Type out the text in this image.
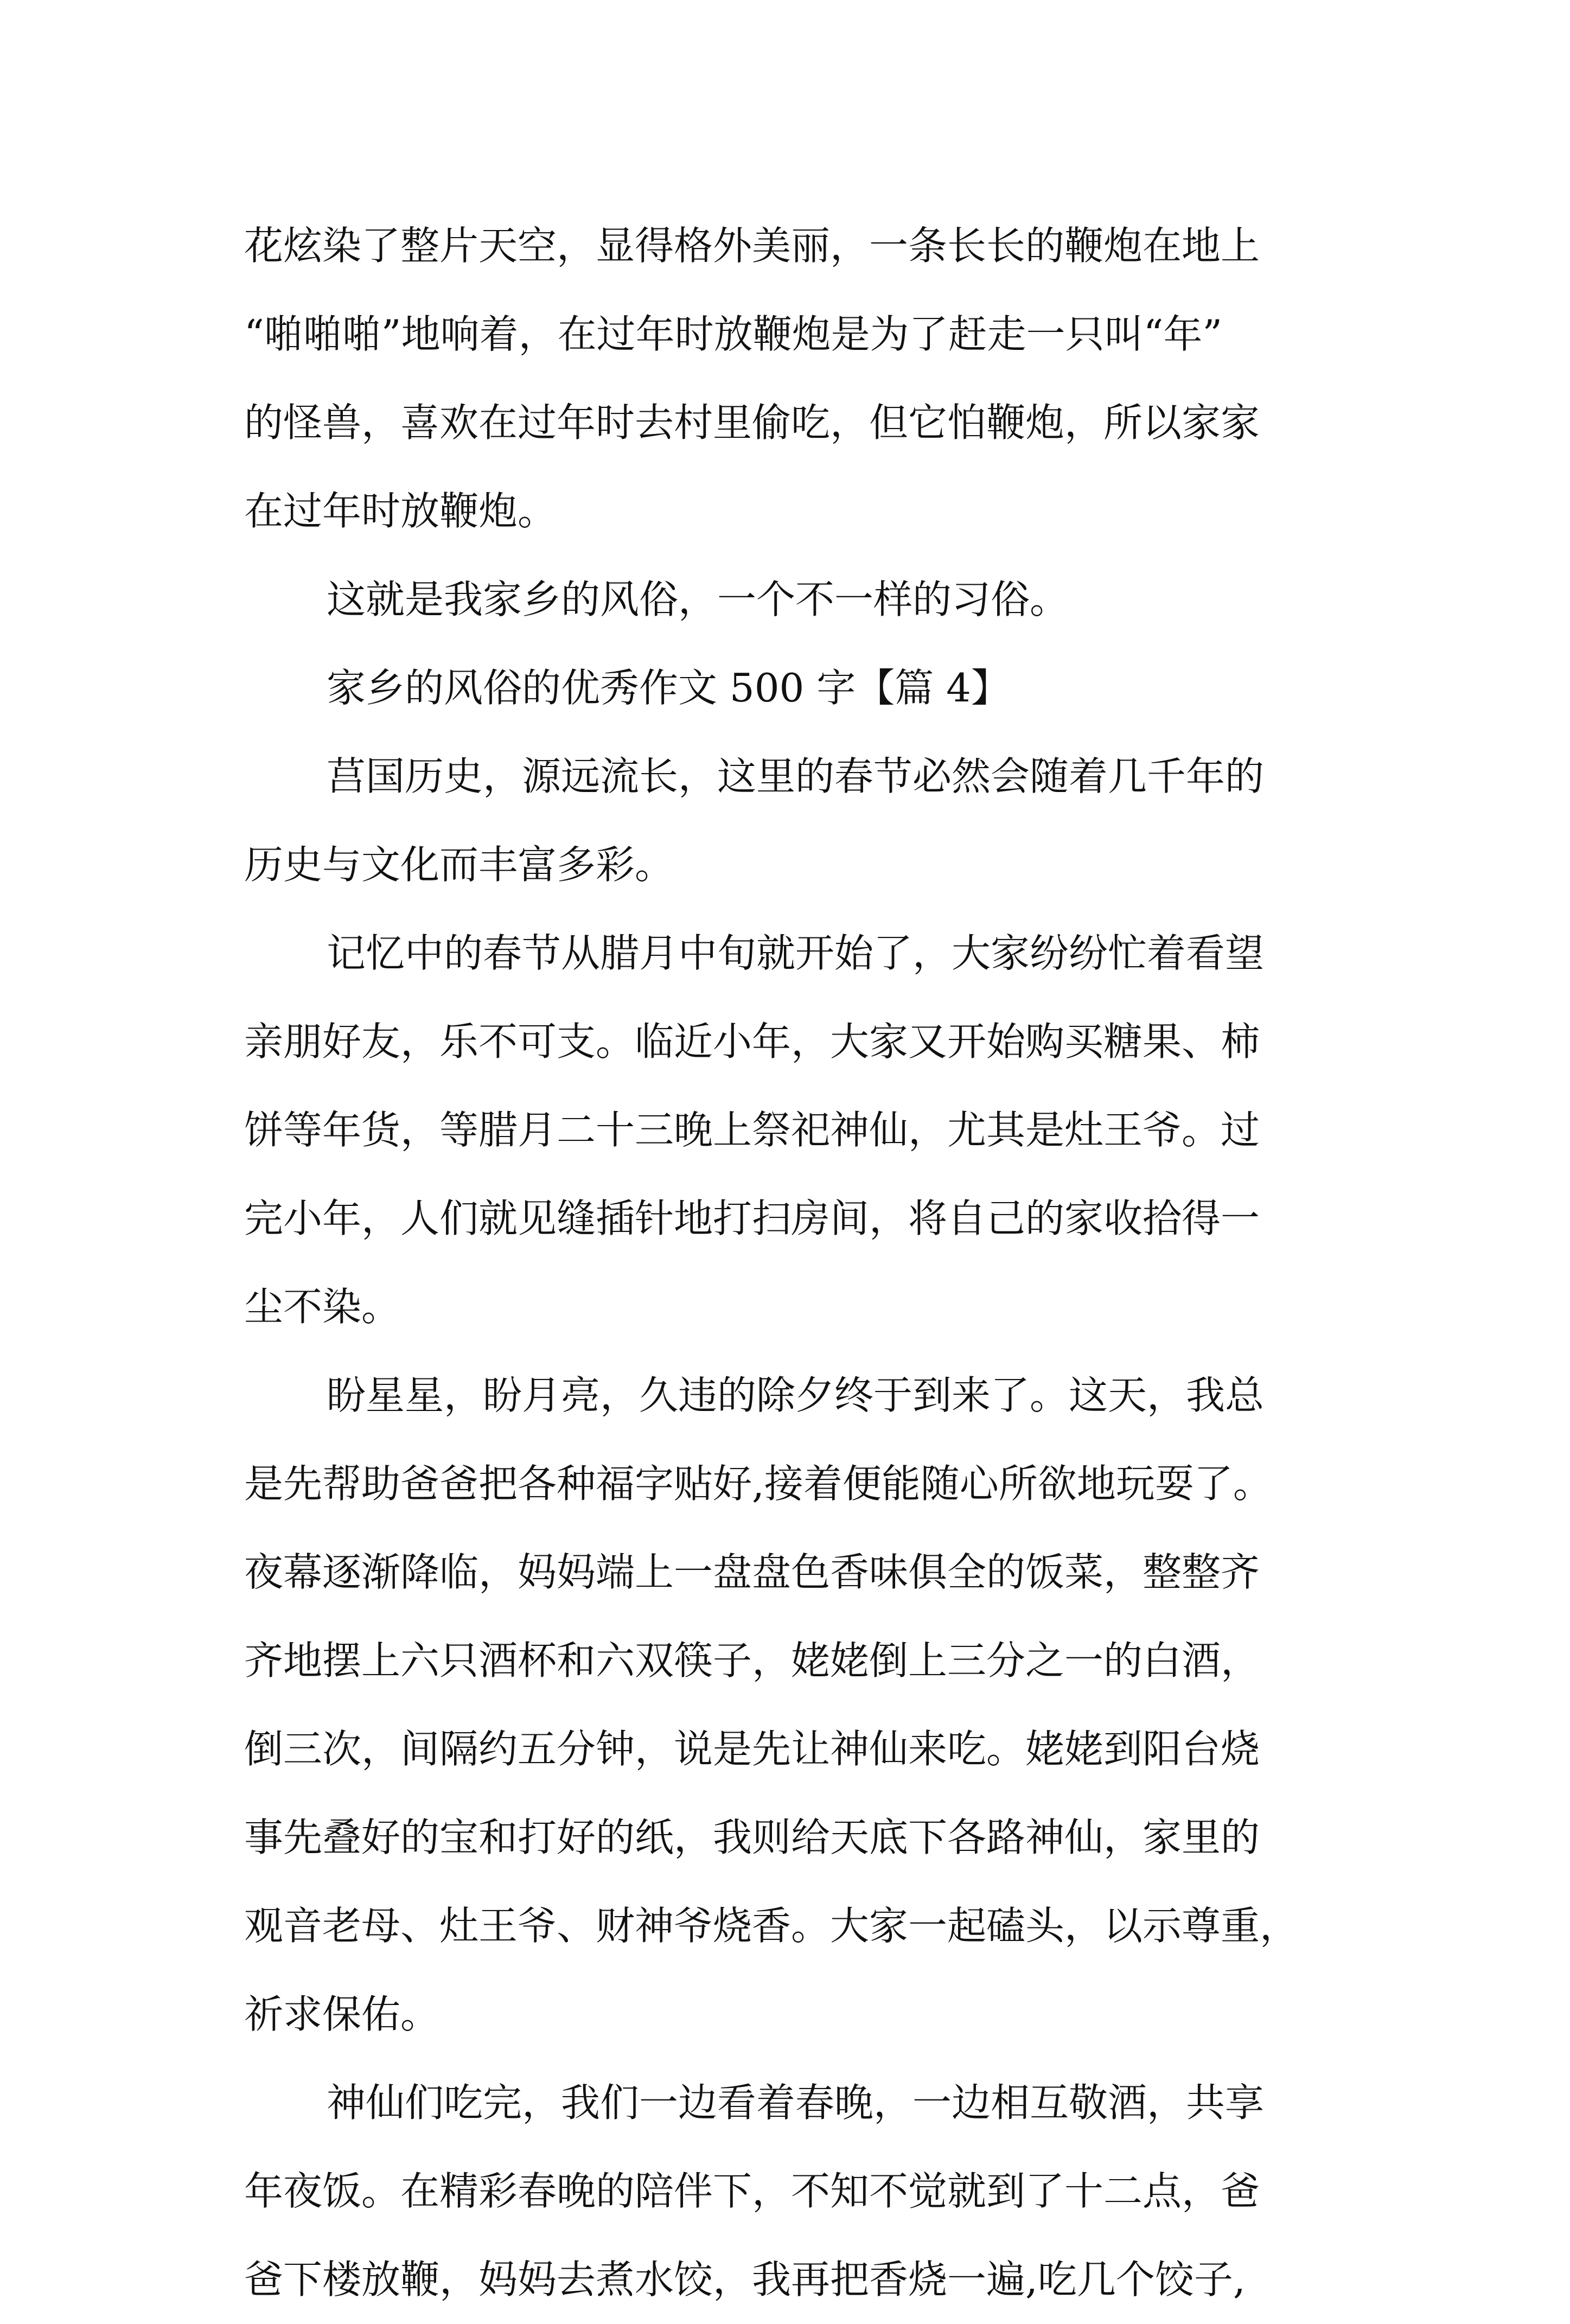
花炫染了整片天空，显得格外美丽，一条长长的鞭炮在地上
“啪啪啪”地响着，在过年时放鞭炮是为了赶走一只叫“年”
的怪兽，喜欢在过年时去村里偷吃，但它怕鞭炮，所以家家
在过年时放鞭炮。
这就是我家乡的风俗，一个不一样的习俗。
家乡的风俗的优秀作文 500 字【篇 4】
莒国历史，源远流长，这里的春节必然会随着几千年的
历史与文化而丰富多彩。
记忆中的春节从腊月中旬就开始了，大家纷纷忙着看望
亲朋好友，乐不可支。临近小年，大家又开始购买糖果、柿
饼等年货，等腊月二十三晚上祭祀神仙，尤其是灶王爷。过
完小年，人们就见缝插针地打扫房间，将自己的家收拾得一
尘不染。
盼星星，盼月亮，久违的除夕终于到来了。这天，我总
是先帮助爸爸把各种福字贴好,接着便能随心所欲地玩耍了。
夜幕逐渐降临，妈妈端上一盘盘色香味俱全的饭菜，整整齐
齐地摆上六只酒杯和六双筷子，姥姥倒上三分之一的白酒，
倒三次，间隔约五分钟，说是先让神仙来吃。姥姥到阳台烧
事先叠好的宝和打好的纸，我则给天底下各路神仙，家里的
观音老母、灶王爷、财神爷烧香。大家一起磕头，以示尊重，
祈求保佑。
神仙们吃完，我们一边看着春晚，一边相互敬酒，共享
年夜饭。在精彩春晚的陪伴下，不知不觉就到了十二点，爸
爸下楼放鞭，妈妈去煮水饺，我再把香烧一遍,吃几个饺子,
